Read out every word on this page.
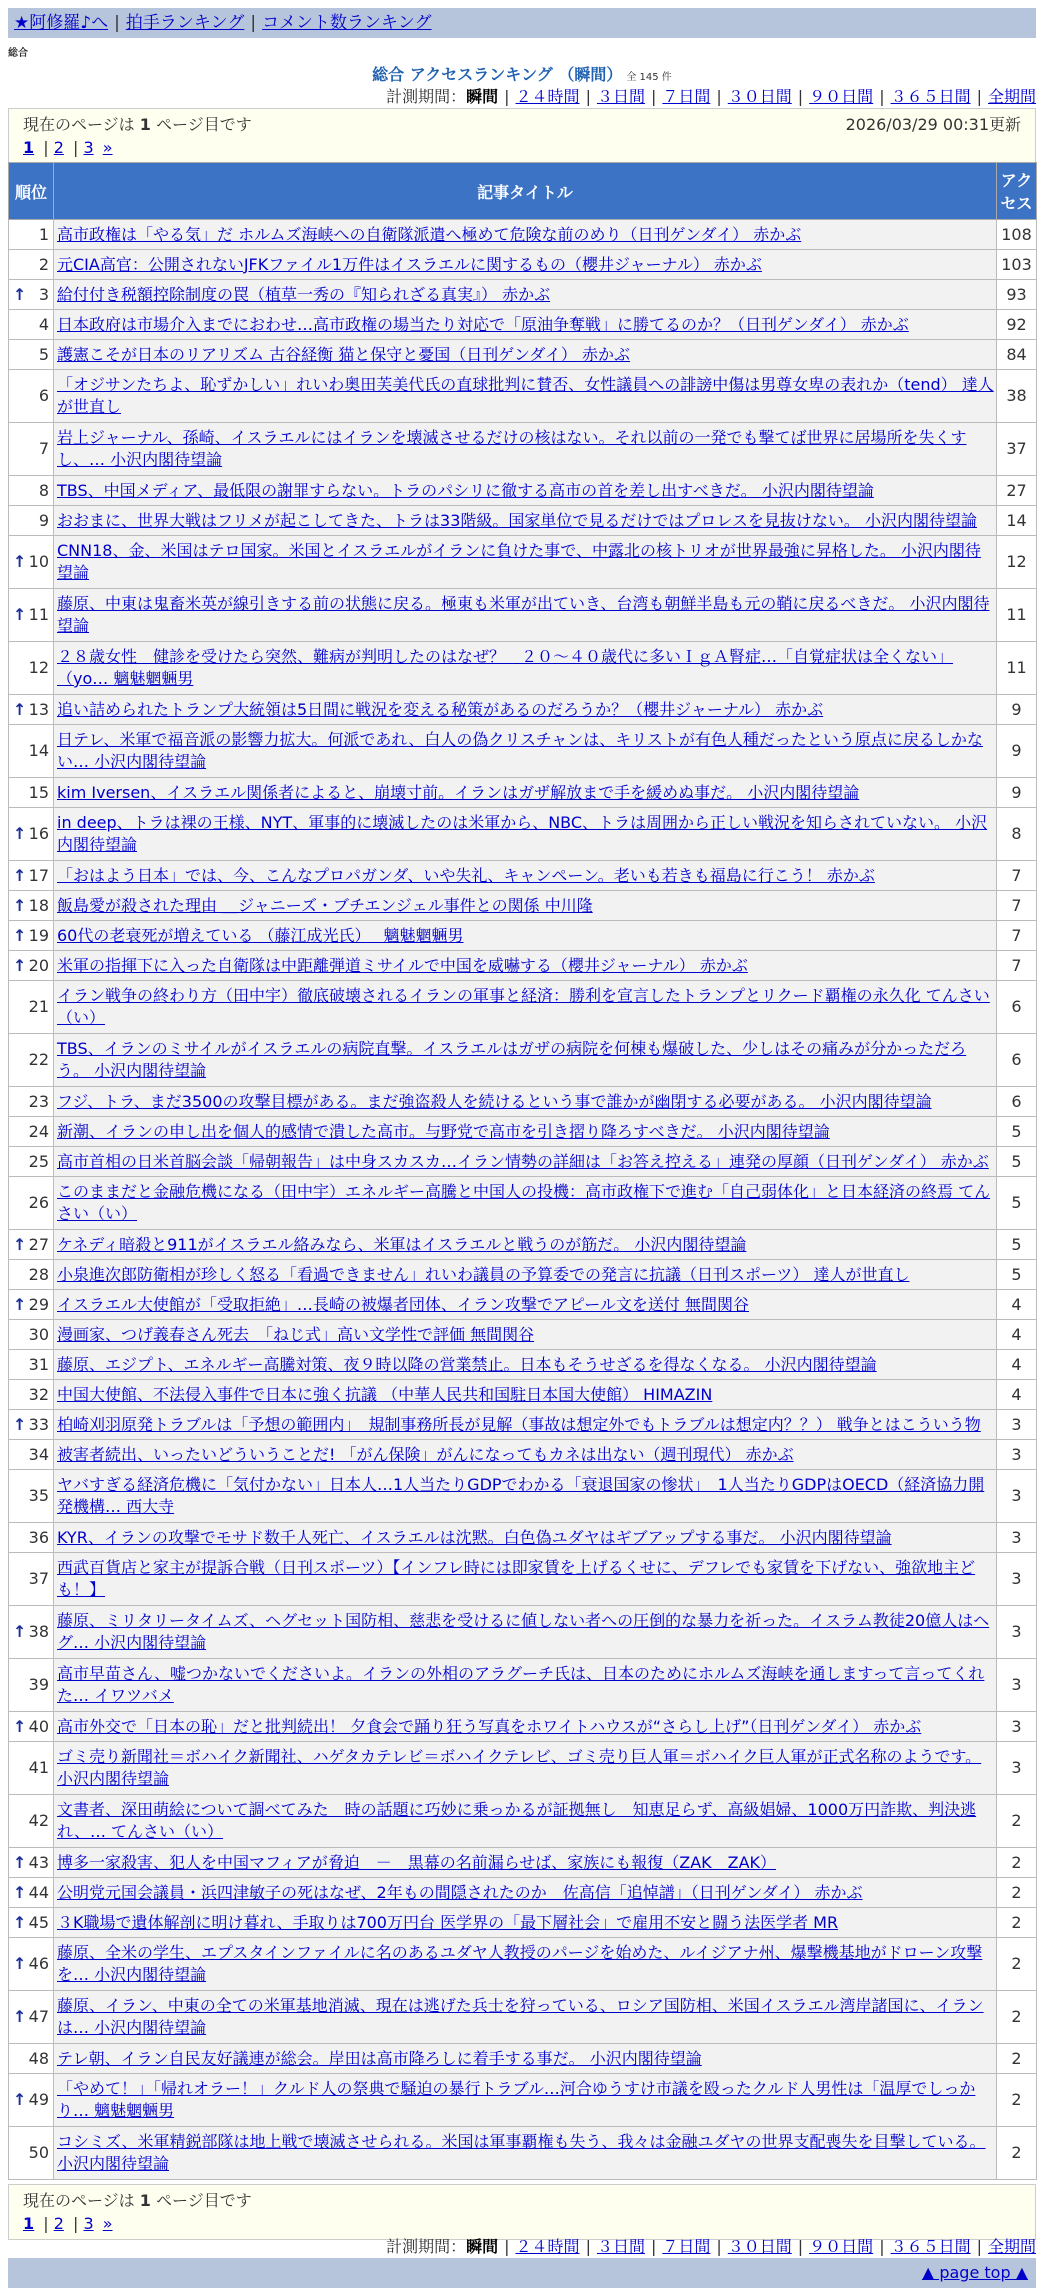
★阿修羅♪へ | 拍手ランキング | コメント数ランキング
総合
総合 アクセスランキング （瞬間） 全 145 件
計測期間：瞬間 | ２４時間 | ３日間 | ７日間 | ３０日間 | ９０日間 | ３６５日間 | 全期間
現在のページは 1 ページ目です	2026/03/29 00:31更新
1 | 2 | 3 »
順位	記事タイトル	アクセス
1	高市政権は「やる気」だ ホルムズ海峡への自衛隊派遣へ極めて危険な前のめり（日刊ゲンダイ） 赤かぶ	108
2	元CIA高官：公開されないJFKファイル1万件はイスラエルに関するもの（櫻井ジャーナル） 赤かぶ	103

↑ 3	給付付き税額控除制度の罠（植草一秀の『知られざる真実』） 赤かぶ	93
4	日本政府は市場介入までにおわせ…高市政権の場当たり対応で「原油争奪戦」に勝てるのか？（日刊ゲンダイ） 赤かぶ	92
5	護憲こそが日本のリアリズム 古谷経衡 猫と保守と憂国（日刊ゲンダイ） 赤かぶ	84
6	「オジサンたちよ、恥ずかしい」れいわ奥田芙美代氏の直球批判に賛否、女性議員への誹謗中傷は男尊女卑の表れか（tend） 達人が世直し	38
7	岩上ジャーナル、孫崎、イスラエルにはイランを壊滅させるだけの核はない。それ以前の一発でも撃てば世界に居場所を失くすし、… 小沢内閣待望論	37
8	TBS、中国メディア、最低限の謝罪すらない。トラのパシリに徹する高市の首を差し出すべきだ。 小沢内閣待望論	27
9	おおまに、世界大戦はフリメが起こしてきた、トラは33階級。国家単位で見るだけではプロレスを見抜けない。 小沢内閣待望論	14

↑ 10	CNN18、金、米国はテロ国家。米国とイスラエルがイランに負けた事で、中露北の核トリオが世界最強に昇格した。 小沢内閣待望論	12

↑ 11	藤原、中東は鬼畜米英が線引きする前の状態に戻る。極東も米軍が出ていき、台湾も朝鮮半島も元の鞘に戻るべきだ。 小沢内閣待望論	11
12	２８歳女性　健診を受けたら突然、難病が判明したのはなぜ？　２０～４０歳代に多いＩｇＡ腎症…「自覚症状は全くない」（yo… 魑魅魍魎男	11

↑ 13	追い詰められたトランプ大統領は5日間に戦況を変える秘策があるのだろうか？（櫻井ジャーナル） 赤かぶ	9
14	日テレ、米軍で福音派の影響力拡大。何派であれ、白人の偽クリスチャンは、キリストが有色人種だったという原点に戻るしかない… 小沢内閣待望論	9
15	kim Iversen、イスラエル関係者によると、崩壊寸前。イランはガザ解放まで手を緩めぬ事だ。 小沢内閣待望論	9

↑ 16	in deep、トラは裸の王様、NYT、軍事的に壊滅したのは米軍から、NBC、トラは周囲から正しい戦況を知らされていない。 小沢内閣待望論	8

↑ 17	「おはよう日本」では、今、こんなプロパガンダ、いや失礼、キャンペーン。老いも若きも福島に行こう！ 赤かぶ	7

↑ 18	飯島愛が殺された理由 ＿ジャニーズ・ブチエンジェル事件との関係 中川隆	7

↑ 19	60代の老衰死が増えている （藤江成光氏）　 魑魅魍魎男	7

↑ 20	米軍の指揮下に入った自衛隊は中距離弾道ミサイルで中国を威嚇する（櫻井ジャーナル） 赤かぶ	7
21	イラン戦争の終わり方（田中宇）徹底破壊されるイランの軍事と経済：勝利を宣言したトランプとリクード覇権の永久化 てんさい（い）	6
22	TBS、イランのミサイルがイスラエルの病院直撃。イスラエルはガザの病院を何棟も爆破した、少しはその痛みが分かっただろう。 小沢内閣待望論	6
23	フジ、トラ、まだ3500の攻撃目標がある。まだ強盗殺人を続けるという事で誰かが幽閉する必要がある。 小沢内閣待望論	6
24	新潮、イランの申し出を個人的感情で潰した高市。与野党で高市を引き摺り降ろすべきだ。 小沢内閣待望論	5
25	高市首相の日米首脳会談「帰朝報告」は中身スカスカ…イラン情勢の詳細は「お答え控える」連発の厚顔（日刊ゲンダイ） 赤かぶ	5
26	このままだと金融危機になる（田中宇）エネルギー高騰と中国人の投機：高市政権下で進む「自己弱体化」と日本経済の終焉 てんさい（い）	5

↑ 27	ケネディ暗殺と911がイスラエル絡みなら、米軍はイスラエルと戦うのが筋だ。 小沢内閣待望論	5
28	小泉進次郎防衛相が珍しく怒る「看過できません」れいわ議員の予算委での発言に抗議（日刊スポーツ） 達人が世直し	5

↑ 29	イスラエル大使館が「受取拒絶」…長崎の被爆者団体、イラン攻撃でアピール文を送付 無間関谷	4
30	漫画家、つげ義春さん死去　「ねじ式」高い文学性で評価 無間関谷	4
31	藤原、エジプト、エネルギー高騰対策、夜９時以降の営業禁止。日本もそうせざるを得なくなる。 小沢内閣待望論	4
32	中国大使館、不法侵入事件で日本に強く抗議 （中華人民共和国駐日本国大使館） HIMAZIN	4

↑ 33	柏崎刈羽原発トラブルは「予想の範囲内」　規制事務所長が見解（事故は想定外でもトラブルは想定内？？） 戦争とはこういう物	3
34	被害者続出、いったいどういうことだ! 「がん保険」がんになってもカネは出ない（週刊現代） 赤かぶ	3
35	ヤバすぎる経済危機に「気付かない」日本人…1人当たりGDPでわかる「衰退国家の惨状」　1人当たりGDPはOECD（経済協力開発機構… 西大寺	3
36	KYR、イランの攻撃でモサド数千人死亡、イスラエルは沈黙。白色偽ユダヤはギブアップする事だ。 小沢内閣待望論	3
37	西武百貨店と家主が提訴合戦（日刊スポーツ）【インフレ時には即家賃を上げるくせに、デフレでも家賃を下げない、強欲地主ども！】	3

↑ 38	藤原、ミリタリータイムズ、ヘグセット国防相、慈悲を受けるに値しない者への圧倒的な暴力を祈った。イスラム教徒20億人はヘグ… 小沢内閣待望論	3
39	高市早苗さん、嘘つかないでくださいよ。イランの外相のアラグーチ氏は、日本のためにホルムズ海峡を通しますって言ってくれた… イワツバメ	3

↑ 40	高市外交で「日本の恥」だと批判続出！ 夕食会で踊り狂う写真をホワイトハウスが“さらし上げ”（日刊ゲンダイ） 赤かぶ	3
41	ゴミ売り新聞社＝ボハイク新聞社、ハゲタカテレビ＝ボハイクテレビ、ゴミ売り巨人軍＝ボハイク巨人軍が正式名称のようです。 小沢内閣待望論	3
42	文書者、深田萌絵について調べてみた　時の話題に巧妙に乗っかるが証拠無し　知恵足らず、高級娼婦、1000万円詐欺、判決逃れ、… てんさい（い）	2

↑ 43	博多一家殺害、犯人を中国マフィアが脅迫　－　黒幕の名前漏らせば、家族にも報復（ZAK　ZAK）	2

↑ 44	公明党元国会議員・浜四津敏子の死はなぜ、2年もの間隠されたのか　佐高信「追悼譜」（日刊ゲンダイ） 赤かぶ	2

↑ 45	３K職場で遺体解剖に明け暮れ、手取りは700万円台 医学界の「最下層社会」で雇用不安と闘う法医学者 MR	2

↑ 46	藤原、全米の学生、エプスタインファイルに名のあるユダヤ人教授のパージを始めた、ルイジアナ州、爆撃機基地がドローン攻撃を… 小沢内閣待望論	2

↑ 47	藤原、イラン、中東の全ての米軍基地消滅、現在は逃げた兵士を狩っている、ロシア国防相、米国イスラエル湾岸諸国に、イランは… 小沢内閣待望論	2
48	テレ朝、イラン自民友好議連が総会。岸田は高市降ろしに着手する事だ。 小沢内閣待望論	2

↑ 49	「やめて！」「帰れオラー！」クルド人の祭典で騒迫の暴行トラブル…河合ゆうすけ市議を殴ったクルド人男性は「温厚でしっかり… 魑魅魍魎男	2
50	コシミズ、米軍精鋭部隊は地上戦で壊滅させられる。米国は軍事覇権も失う、我々は金融ユダヤの世界支配喪失を目撃している。 小沢内閣待望論	2
現在のページは 1 ページ目です
1 | 2 | 3 »
計測期間：瞬間 | ２４時間 | ３日間 | ７日間 | ３０日間 | ９０日間 | ３６５日間 | 全期間
▲ page top ▲
